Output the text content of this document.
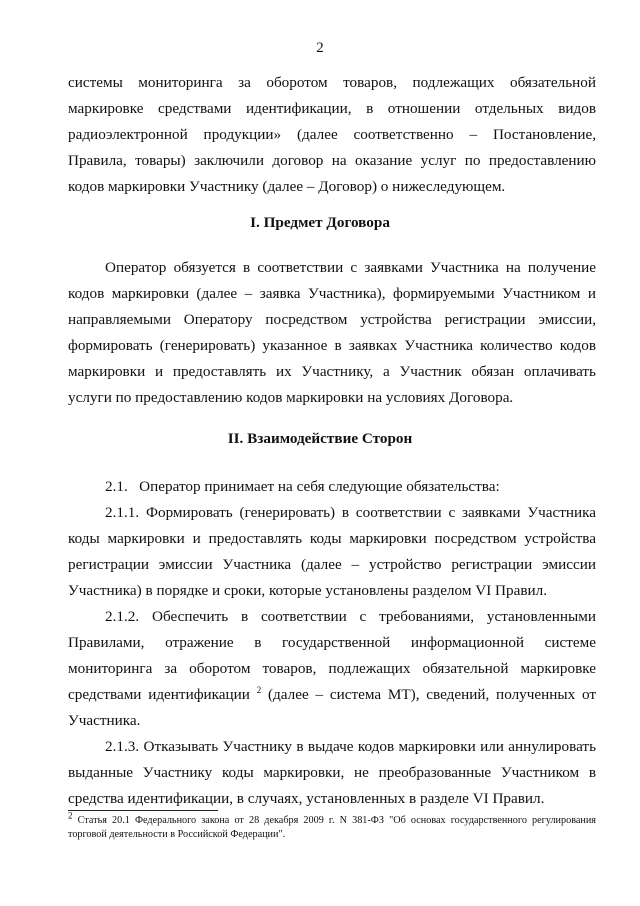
2

системы мониторинга за оборотом товаров, подлежащих обязательной маркировке средствами идентификации, в отношении отдельных видов радиоэлектронной продукции» (далее соответственно – Постановление, Правила, товары) заключили договор на оказание услуг по предоставлению кодов маркировки Участнику (далее – Договор) о нижеследующем.

I. Предмет Договора

Оператор обязуется в соответствии с заявками Участника на получение кодов маркировки (далее – заявка Участника), формируемыми Участником и направляемыми Оператору посредством устройства регистрации эмиссии, формировать (генерировать) указанное в заявках Участника количество кодов маркировки и предоставлять их Участнику, а Участник обязан оплачивать услуги по предоставлению кодов маркировки на условиях Договора.

II. Взаимодействие Сторон

2.1.   Оператор принимает на себя следующие обязательства:

2.1.1. Формировать (генерировать) в соответствии с заявками Участника коды маркировки и предоставлять коды маркировки посредством устройства регистрации эмиссии Участника (далее – устройство регистрации эмиссии Участника) в порядке и сроки, которые установлены разделом VI Правил.

2.1.2. Обеспечить в соответствии с требованиями, установленными Правилами, отражение в государственной информационной системе мониторинга за оборотом товаров, подлежащих обязательной маркировке средствами идентификации $^2$ (далее – система МТ), сведений, полученных от Участника.

2.1.3. Отказывать Участнику в выдаче кодов маркировки или аннулировать выданные Участнику коды маркировки, не преобразованные Участником в средства идентификации, в случаях, установленных в разделе VI Правил.

$^2$ Статья 20.1 Федерального закона от 28 декабря 2009 г. N 381-ФЗ "Об основах государственного регулирования торговой деятельности в Российской Федерации".
